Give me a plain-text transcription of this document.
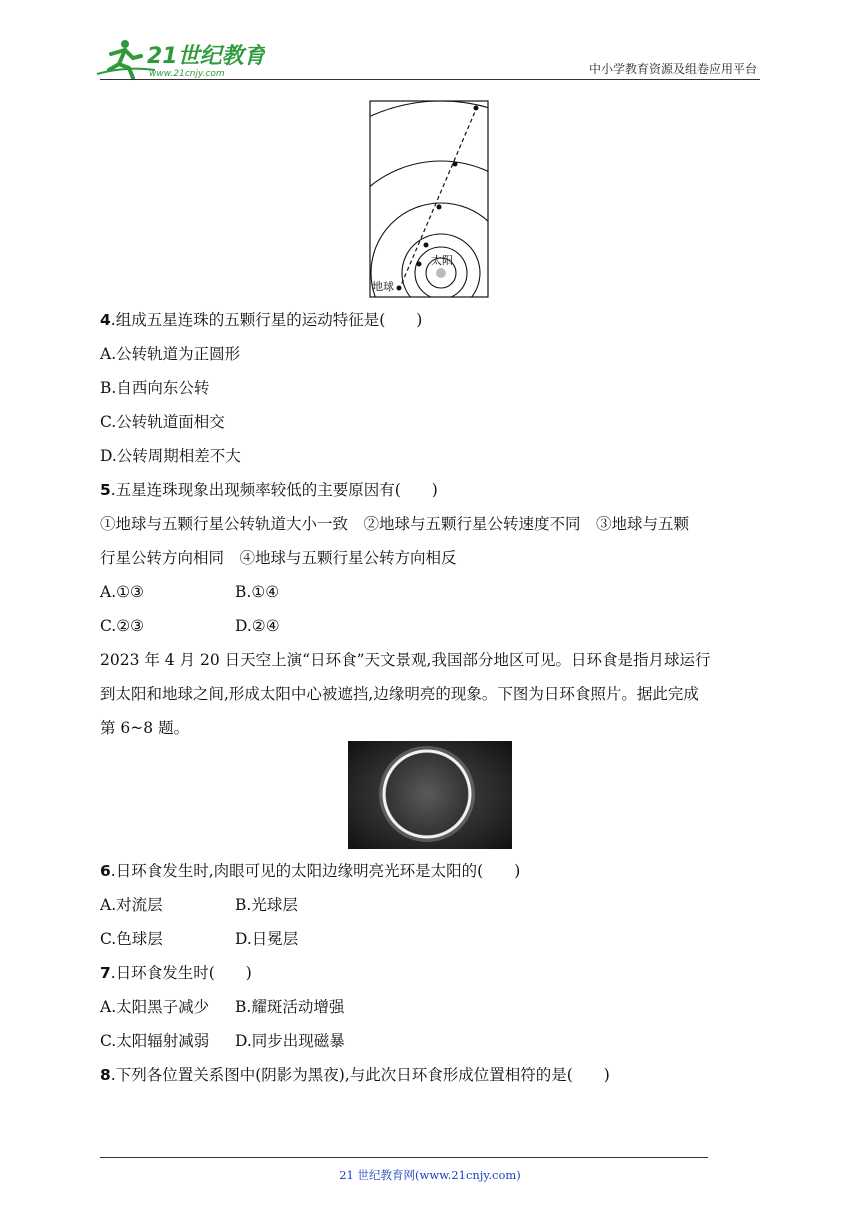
21世纪教育
www.21cnjy.com	中小学教育资源及组卷应用平台
太阳
地球
4.组成五星连珠的五颗行星的运动特征是(　　)
A.公转轨道为正圆形
B.自西向东公转
C.公转轨道面相交
D.公转周期相差不大
5.五星连珠现象出现频率较低的主要原因有(　　)
①地球与五颗行星公转轨道大小一致　②地球与五颗行星公转速度不同　③地球与五颗
行星公转方向相同　④地球与五颗行星公转方向相反
A.①③	B.①④
C.②③	D.②④
2023 年 4 月 20 日天空上演“日环食”天文景观,我国部分地区可见。日环食是指月球运行
到太阳和地球之间,形成太阳中心被遮挡,边缘明亮的现象。下图为日环食照片。据此完成
第 6~8 题。
6.日环食发生时,肉眼可见的太阳边缘明亮光环是太阳的(　　)
A.对流层	B.光球层
C.色球层	D.日冕层
7.日环食发生时(　　)
A.太阳黑子减少 B.耀斑活动增强
C.太阳辐射减弱 D.同步出现磁暴
8.下列各位置关系图中(阴影为黑夜),与此次日环食形成位置相符的是(　　)
21 世纪教育网(www.21cnjy.com)
